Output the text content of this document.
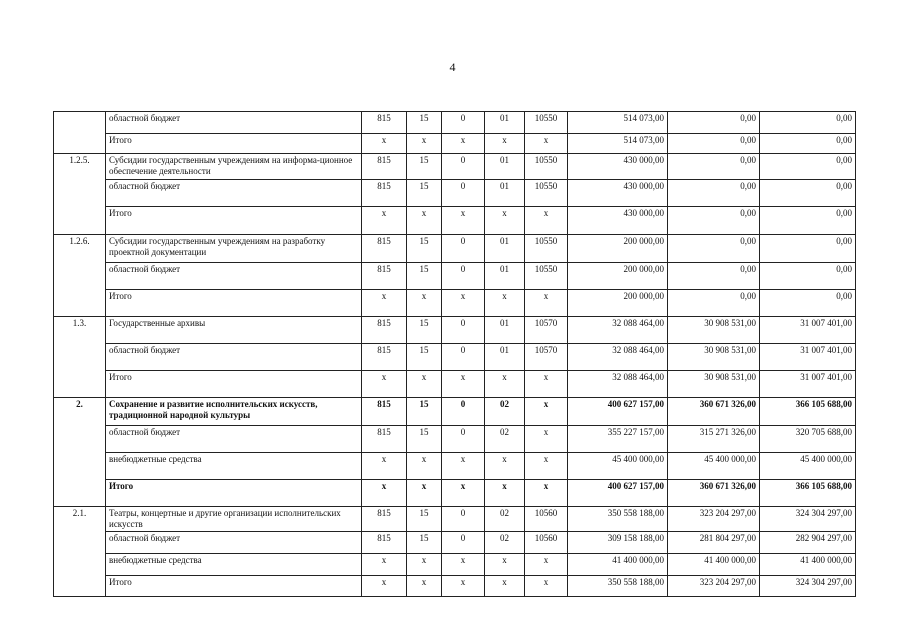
4
	областной бюджет	815	15	0	01	10550	514 073,00	0,00	0,00
	Итого	x	x	x	x	x	514 073,00	0,00	0,00
1.2.5.	Субсидии государственным учреждениям на информа-ционное обеспечение деятельности	815	15	0	01	10550	430 000,00	0,00	0,00
	областной бюджет	815	15	0	01	10550	430 000,00	0,00	0,00
	Итого	x	x	x	x	x	430 000,00	0,00	0,00
1.2.6.	Субсидии государственным учреждениям на разработку проектной документации	815	15	0	01	10550	200 000,00	0,00	0,00
	областной бюджет	815	15	0	01	10550	200 000,00	0,00	0,00
	Итого	x	x	x	x	x	200 000,00	0,00	0,00
1.3.	Государственные архивы	815	15	0	01	10570	32 088 464,00	30 908 531,00	31 007 401,00
	областной бюджет	815	15	0	01	10570	32 088 464,00	30 908 531,00	31 007 401,00
	Итого	x	x	x	x	x	32 088 464,00	30 908 531,00	31 007 401,00
2.	Сохранение и развитие исполнительских искусств, традиционной народной культуры	815	15	0	02	x	400 627 157,00	360 671 326,00	366 105 688,00
	областной бюджет	815	15	0	02	x	355 227 157,00	315 271 326,00	320 705 688,00
	внебюджетные средства	x	x	x	x	x	45 400 000,00	45 400 000,00	45 400 000,00
	Итого	x	x	x	x	x	400 627 157,00	360 671 326,00	366 105 688,00
2.1.	Театры, концертные и другие организации исполнительских искусств	815	15	0	02	10560	350 558 188,00	323 204 297,00	324 304 297,00
	областной бюджет	815	15	0	02	10560	309 158 188,00	281 804 297,00	282 904 297,00
	внебюджетные средства	x	x	x	x	x	41 400 000,00	41 400 000,00	41 400 000,00
	Итого	x	x	x	x	x	350 558 188,00	323 204 297,00	324 304 297,00
